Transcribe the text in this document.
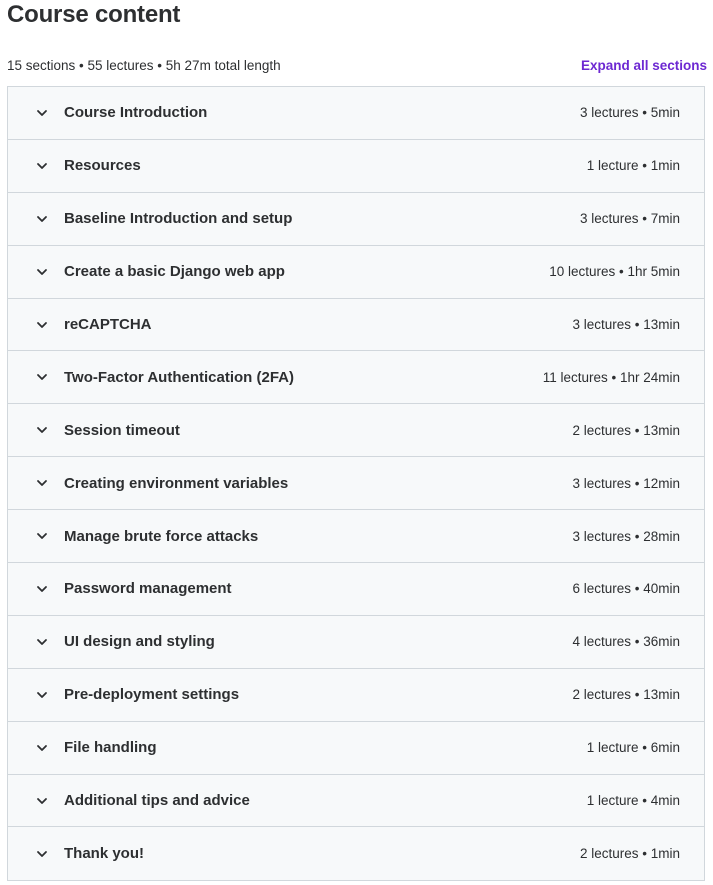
Course content
15 sections • 55 lectures • 5h 27m total length	Expand all sections
Course Introduction	3 lectures • 5min
Resources	1 lecture • 1min
Baseline Introduction and setup	3 lectures • 7min
Create a basic Django web app	10 lectures • 1hr 5min
reCAPTCHA	3 lectures • 13min
Two-Factor Authentication (2FA)	11 lectures • 1hr 24min
Session timeout	2 lectures • 13min
Creating environment variables	3 lectures • 12min
Manage brute force attacks	3 lectures • 28min
Password management	6 lectures • 40min
UI design and styling	4 lectures • 36min
Pre-deployment settings	2 lectures • 13min
File handling	1 lecture • 6min
Additional tips and advice	1 lecture • 4min
Thank you!	2 lectures • 1min
